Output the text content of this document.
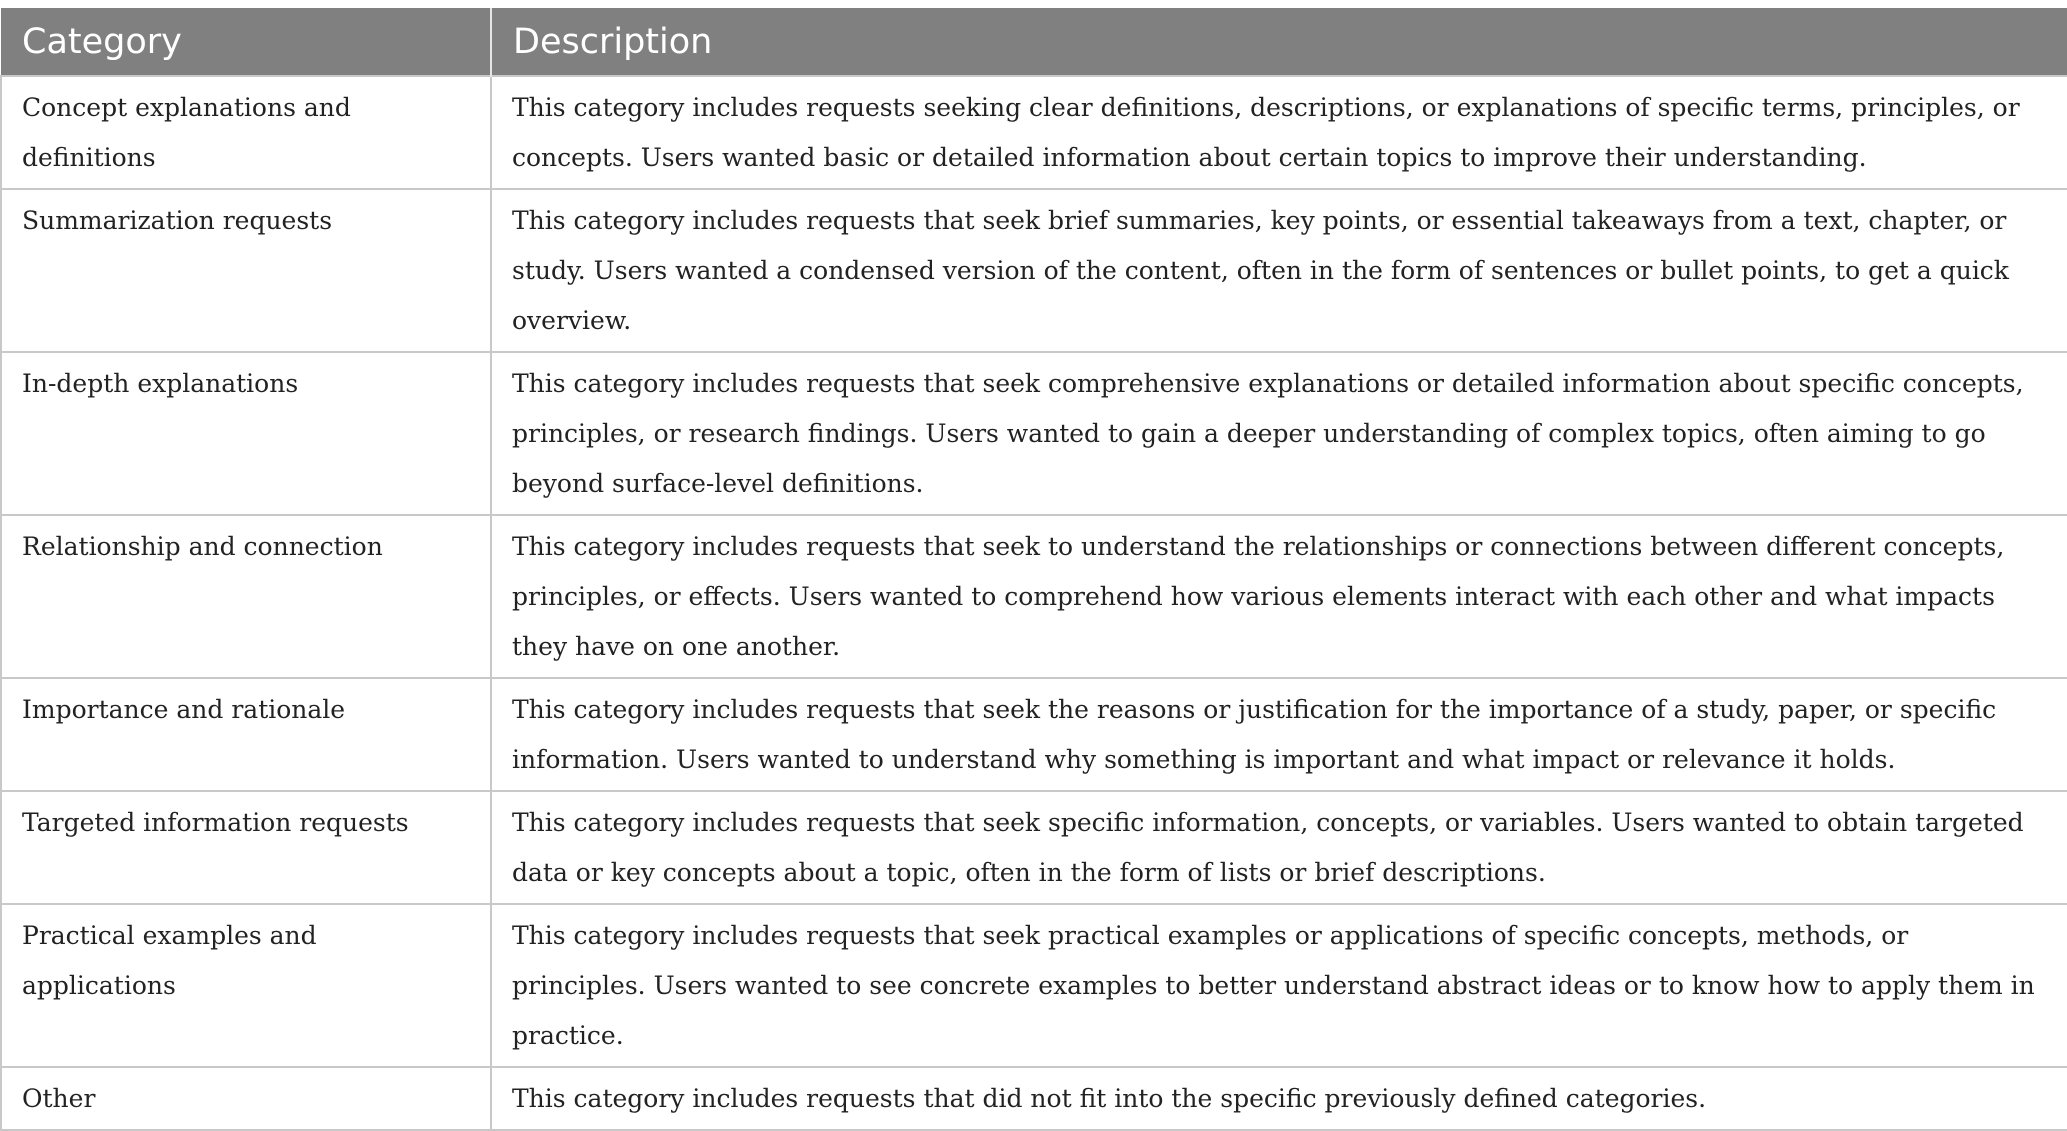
Category	Description
Concept explanations and definitions	This category includes requests seeking clear definitions, descriptions, or explanations of specific terms, principles, or concepts. Users wanted basic or detailed information about certain topics to improve their understanding.
Summarization requests	This category includes requests that seek brief summaries, key points, or essential takeaways from a text, chapter, or study. Users wanted a condensed version of the content, often in the form of sentences or bullet points, to get a quick overview.
In-depth explanations	This category includes requests that seek comprehensive explanations or detailed information about specific concepts, principles, or research findings. Users wanted to gain a deeper understanding of complex topics, often aiming to go beyond surface-level definitions.
Relationship and connection	This category includes requests that seek to understand the relationships or connections between different concepts, principles, or effects. Users wanted to comprehend how various elements interact with each other and what impacts they have on one another.
Importance and rationale	This category includes requests that seek the reasons or justification for the importance of a study, paper, or specific information. Users wanted to understand why something is important and what impact or relevance it holds.
Targeted information requests	This category includes requests that seek specific information, concepts, or variables. Users wanted to obtain targeted data or key concepts about a topic, often in the form of lists or brief descriptions.
Practical examples and applications	This category includes requests that seek practical examples or applications of specific concepts, methods, or principles. Users wanted to see concrete examples to better understand abstract ideas or to know how to apply them in practice.
Other	This category includes requests that did not fit into the specific previously defined categories.
